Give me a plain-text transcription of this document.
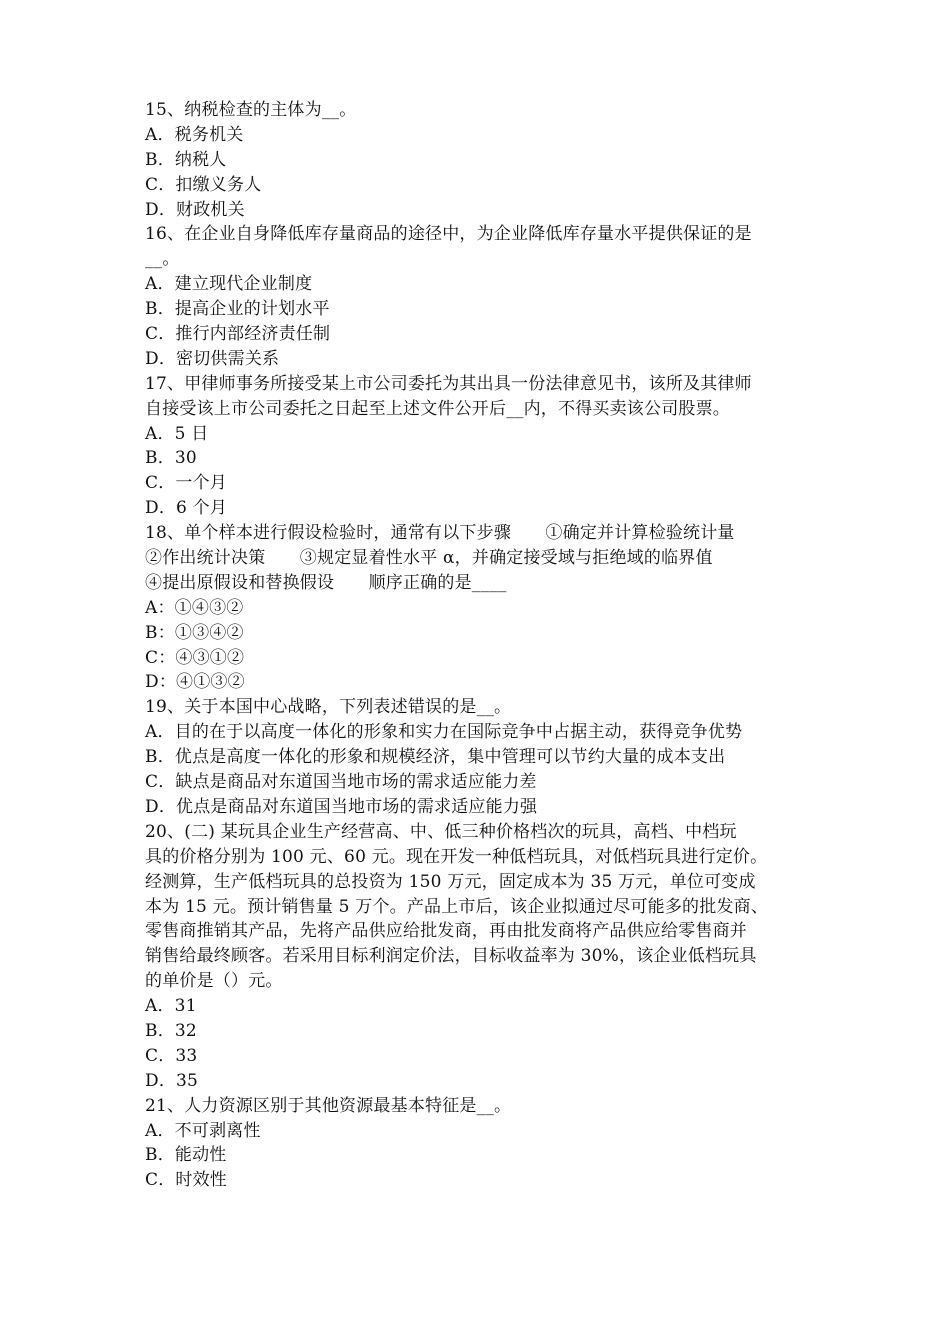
15、纳税检查的主体为__。
A．税务机关
B．纳税人
C．扣缴义务人
D．财政机关
16、在企业自身降低库存量商品的途径中，为企业降低库存量水平提供保证的是
__。
A．建立现代企业制度
B．提高企业的计划水平
C．推行内部经济责任制
D．密切供需关系
17、甲律师事务所接受某上市公司委托为其出具一份法律意见书，该所及其律师
自接受该上市公司委托之日起至上述文件公开后__内，不得买卖该公司股票。
A．5 日
B．30
C．一个月
D．6 个月
18、单个样本进行假设检验时，通常有以下步骤　　①确定并计算检验统计量
②作出统计决策　　③规定显着性水平 α，并确定接受域与拒绝域的临界值
④提出原假设和替换假设　　顺序正确的是____
A：①④③②
B：①③④②
C：④③①②
D：④①③②
19、关于本国中心战略，下列表述错误的是__。
A．目的在于以高度一体化的形象和实力在国际竞争中占据主动，获得竞争优势
B．优点是高度一体化的形象和规模经济，集中管理可以节约大量的成本支出
C．缺点是商品对东道国当地市场的需求适应能力差
D．优点是商品对东道国当地市场的需求适应能力强
20、(二) 某玩具企业生产经营高、中、低三种价格档次的玩具，高档、中档玩
具的价格分别为 100 元、60 元。现在开发一种低档玩具，对低档玩具进行定价。
经测算，生产低档玩具的总投资为 150 万元，固定成本为 35 万元，单位可变成
本为 15 元。预计销售量 5 万个。产品上市后，该企业拟通过尽可能多的批发商、
零售商推销其产品，先将产品供应给批发商，再由批发商将产品供应给零售商并
销售给最终顾客。若采用目标利润定价法，目标收益率为 30%，该企业低档玩具
的单价是（）元。
A．31
B．32
C．33
D．35
21、人力资源区别于其他资源最基本特征是__。
A．不可剥离性
B．能动性
C．时效性
